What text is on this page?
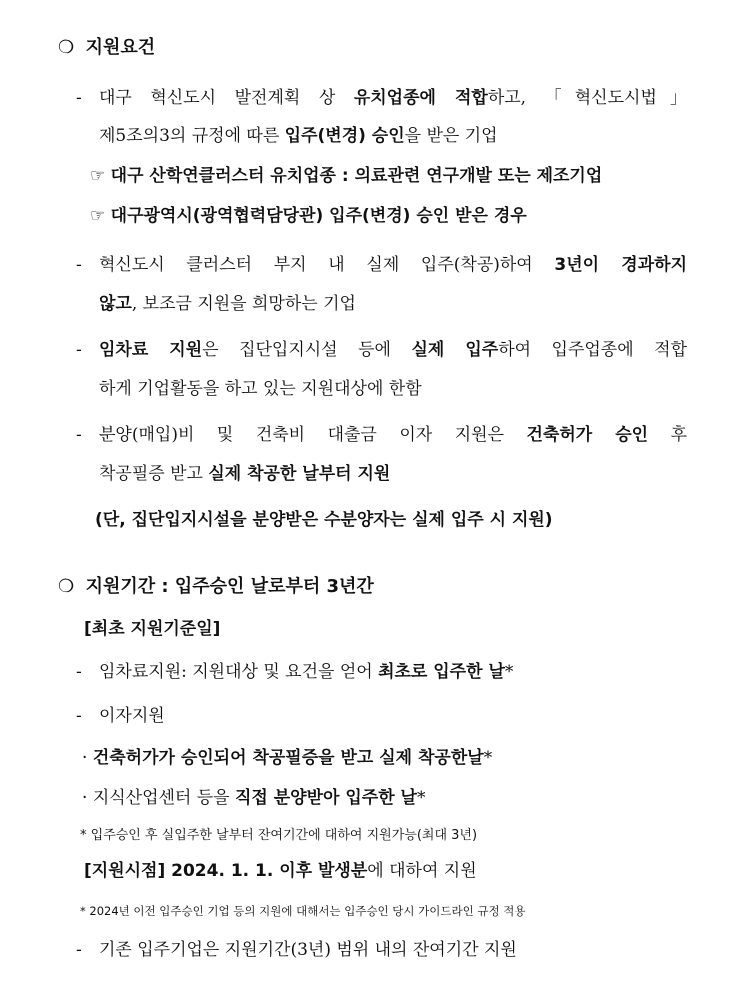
❍ 지원요건
- 대구 혁신도시 발전계획 상 유치업종에 적합하고, 「혁신도시법」
제5조의3의 규정에 따른 입주(변경) 승인을 받은 기업
☞ 대구 산학연클러스터 유치업종 : 의료관련 연구개발 또는 제조기업
☞ 대구광역시(광역협력담당관) 입주(변경) 승인 받은 경우
- 혁신도시 클러스터 부지 내 실제 입주(착공)하여 3년이 경과하지
않고, 보조금 지원을 희망하는 기업
- 임차료 지원은 집단입지시설 등에 실제 입주하여 입주업종에 적합
하게 기업활동을 하고 있는 지원대상에 한함
- 분양(매입)비 및 건축비 대출금 이자 지원은 건축허가 승인 후
착공필증 받고 실제 착공한 날부터 지원
(단, 집단입지시설을 분양받은 수분양자는 실제 입주 시 지원)
❍ 지원기간 : 입주승인 날로부터 3년간
[최초 지원기준일]
- 임차료지원: 지원대상 및 요건을 얻어 최초로 입주한 날*
- 이자지원
· 건축허가가 승인되어 착공필증을 받고 실제 착공한날*
· 지식산업센터 등을 직접 분양받아 입주한 날*
* 입주승인 후 실입주한 날부터 잔여기간에 대하여 지원가능(최대 3년)
[지원시점] 2024. 1. 1. 이후 발생분에 대하여 지원
* 2024년 이전 입주승인 기업 등의 지원에 대해서는 입주승인 당시 가이드라인 규정 적용
- 기존 입주기업은 지원기간(3년) 범위 내의 잔여기간 지원
